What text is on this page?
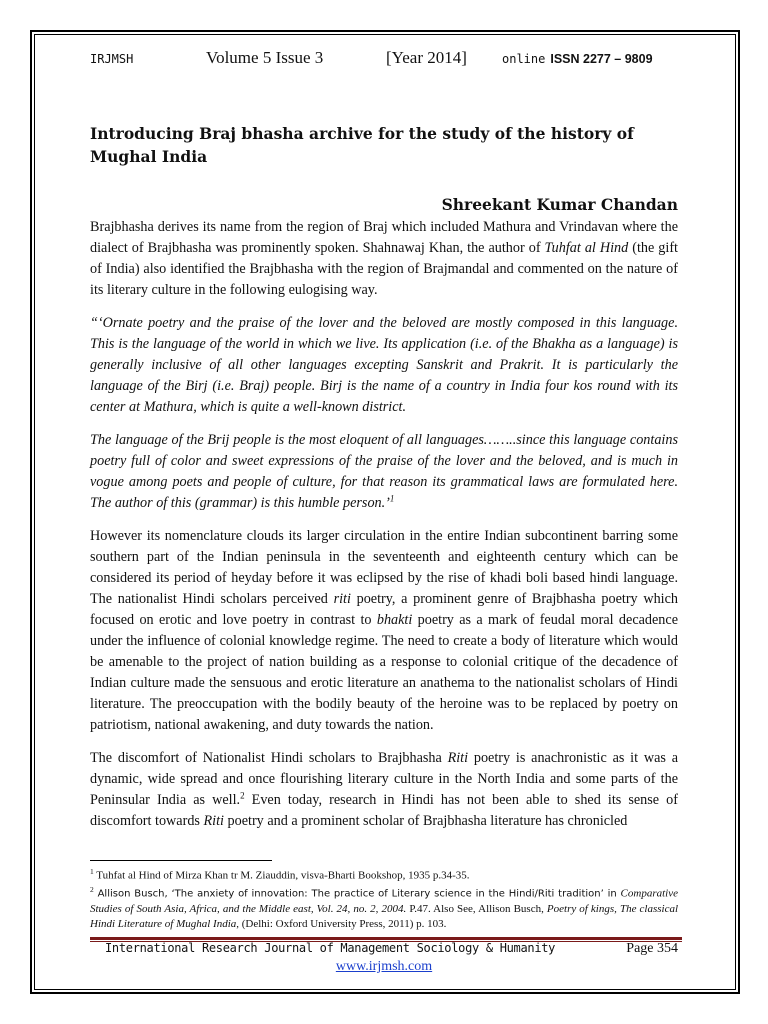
IRJMSH	Volume 5 Issue 3	[Year 2014]	online ISSN 2277 – 9809
Introducing Braj bhasha archive for the study of the history of Mughal India
Shreekant Kumar Chandan

Brajbhasha derives its name from the region of Braj which included Mathura and Vrindavan where the dialect of Brajbhasha was prominently spoken. Shahnawaj Khan, the author of Tuhfat al Hind (the gift of India) also identified the Brajbhasha with the region of Brajmandal and commented on the nature of its literary culture in the following eulogising way.

“‘Ornate poetry and the praise of the lover and the beloved are mostly composed in this language. This is the language of the world in which we live. Its application (i.e. of the Bhakha as a language) is generally inclusive of all other languages excepting Sanskrit and Prakrit. It is particularly the language of the Birj (i.e. Braj) people. Birj is the name of a country in India four kos round with its center at Mathura, which is quite a well-known district.

The language of the Brij people is the most eloquent of all languages……..since this language contains poetry full of color and sweet expressions of the praise of the lover and the beloved, and is much in vogue among poets and people of culture, for that reason its grammatical laws are formulated here. The author of this (grammar) is this humble person.’$^1$

However its nomenclature clouds its larger circulation in the entire Indian subcontinent barring some southern part of the Indian peninsula in the seventeenth and eighteenth century which can be considered its period of heyday before it was eclipsed by the rise of khadi boli based hindi language. The nationalist Hindi scholars perceived riti poetry, a prominent genre of Brajbhasha poetry which focused on erotic and love poetry in contrast to bhakti poetry as a mark of feudal moral decadence under the influence of colonial knowledge regime. The need to create a body of literature which would be amenable to the project of nation building as a response to colonial critique of the decadence of Indian culture made the sensuous and erotic literature an anathema to the nationalist scholars of Hindi literature. The preoccupation with the bodily beauty of the heroine was to be replaced by poetry on patriotism, national awakening, and duty towards the nation.

The discomfort of Nationalist Hindi scholars to Brajbhasha Riti poetry is anachronistic as it was a dynamic, wide spread and once flourishing literary culture in the North India and some parts of the Peninsular India as well.$^2$ Even today, research in Hindi has not been able to shed its sense of discomfort towards Riti poetry and a prominent scholar of Brajbhasha literature has chronicled

$^1$ Tuhfat al Hind of Mirza Khan tr M. Ziauddin, visva-Bharti Bookshop, 1935 p.34-35.

$^2$ Allison Busch, ‘The anxiety of innovation: The practice of Literary science in the Hindi/Riti tradition’ in Comparative Studies of South Asia, Africa, and the Middle east, Vol. 24, no. 2, 2004. P.47. Also See, Allison Busch, Poetry of kings, The classical Hindi Literature of Mughal India, (Delhi: Oxford University Press, 2011) p. 103.

International Research Journal of Management Sociology & Humanity	Page 354
www.irjmsh.com
